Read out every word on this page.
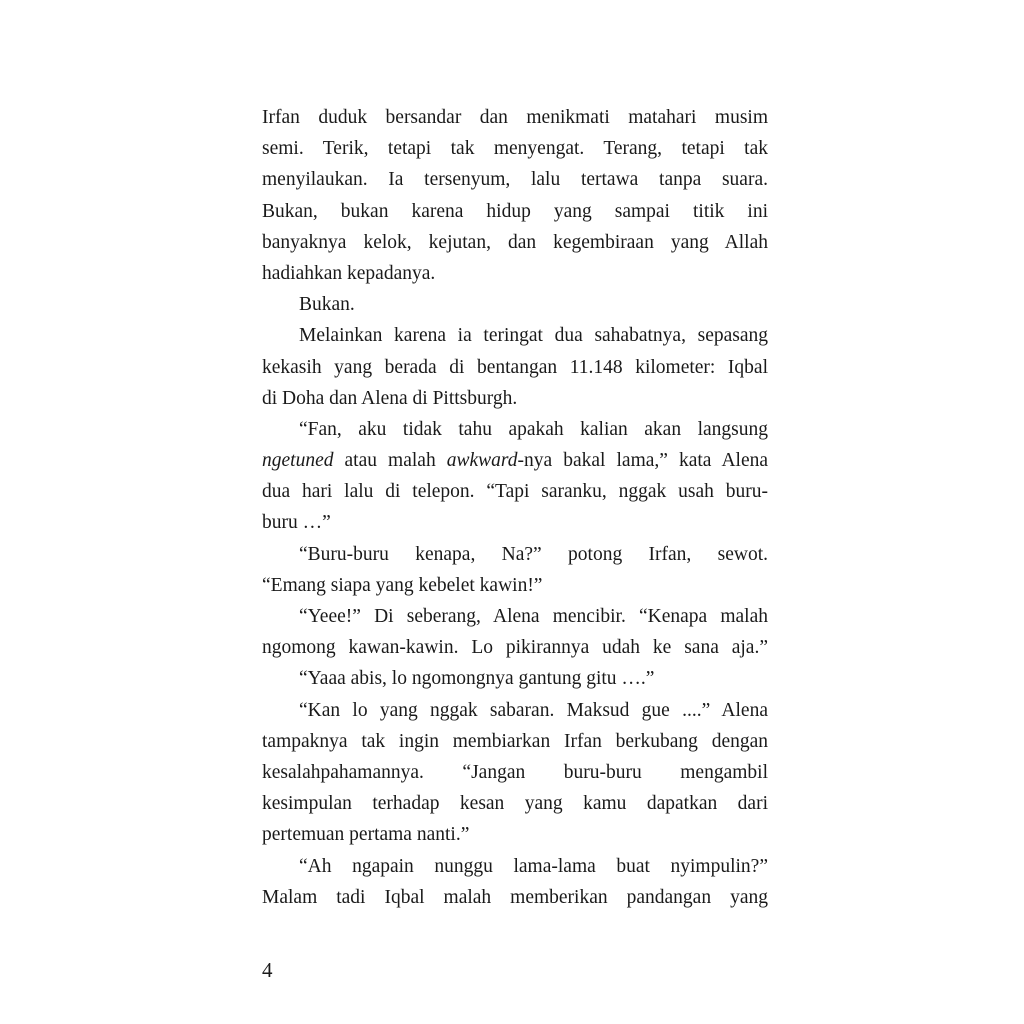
Irfan duduk bersandar dan menikmati matahari musim
semi. Terik, tetapi tak menyengat. Terang, tetapi tak
menyilaukan. Ia tersenyum, lalu tertawa tanpa suara.
Bukan, bukan karena hidup yang sampai titik ini
banyaknya kelok, kejutan, dan kegembiraan yang Allah
hadiahkan kepadanya.
Bukan.
Melainkan karena ia teringat dua sahabatnya, sepasang
kekasih yang berada di bentangan 11.148 kilometer: Iqbal
di Doha dan Alena di Pittsburgh.
“Fan, aku tidak tahu apakah kalian akan langsung
ngetuned atau malah awkward-nya bakal lama,” kata Alena
dua hari lalu di telepon. “Tapi saranku, nggak usah buru-
buru …”
“Buru-buru kenapa, Na?” potong Irfan, sewot.
“Emang siapa yang kebelet kawin!”
“Yeee!” Di seberang, Alena mencibir. “Kenapa malah
ngomong kawan-kawin. Lo pikirannya udah ke sana aja.”
“Yaaa abis, lo ngomongnya gantung gitu ….”
“Kan lo yang nggak sabaran. Maksud gue ....” Alena
tampaknya tak ingin membiarkan Irfan berkubang dengan
kesalahpahamannya. “Jangan buru-buru mengambil
kesimpulan terhadap kesan yang kamu dapatkan dari
pertemuan pertama nanti.”
“Ah ngapain nunggu lama-lama buat nyimpulin?”
Malam tadi Iqbal malah memberikan pandangan yang
4
